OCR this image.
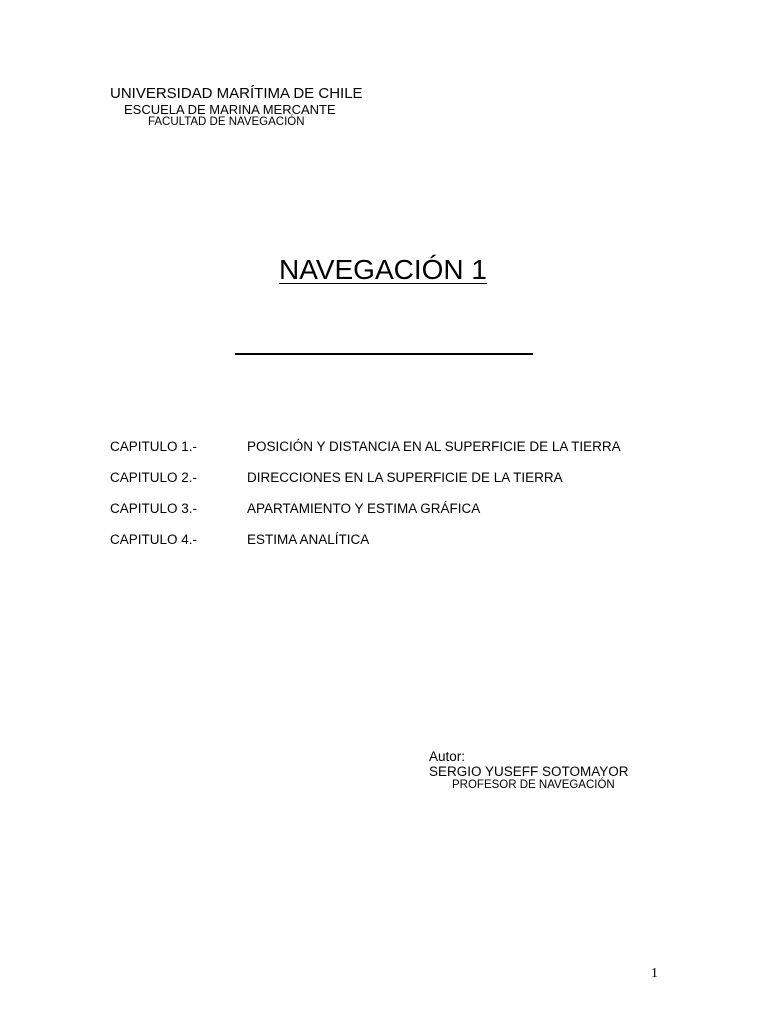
UNIVERSIDAD MARÍTIMA DE CHILE
ESCUELA DE MARINA MERCANTE
FACULTAD DE NAVEGACIÓN
NAVEGACIÓN 1
CAPITULO 1.-	POSICIÓN Y DISTANCIA EN AL SUPERFICIE DE LA TIERRA
CAPITULO 2.-	DIRECCIONES EN LA SUPERFICIE DE LA TIERRA
CAPITULO 3.-	APARTAMIENTO Y ESTIMA GRÁFICA
CAPITULO 4.-	ESTIMA ANALÍTICA
Autor:
SERGIO YUSEFF SOTOMAYOR
PROFESOR DE NAVEGACIÓN
1
